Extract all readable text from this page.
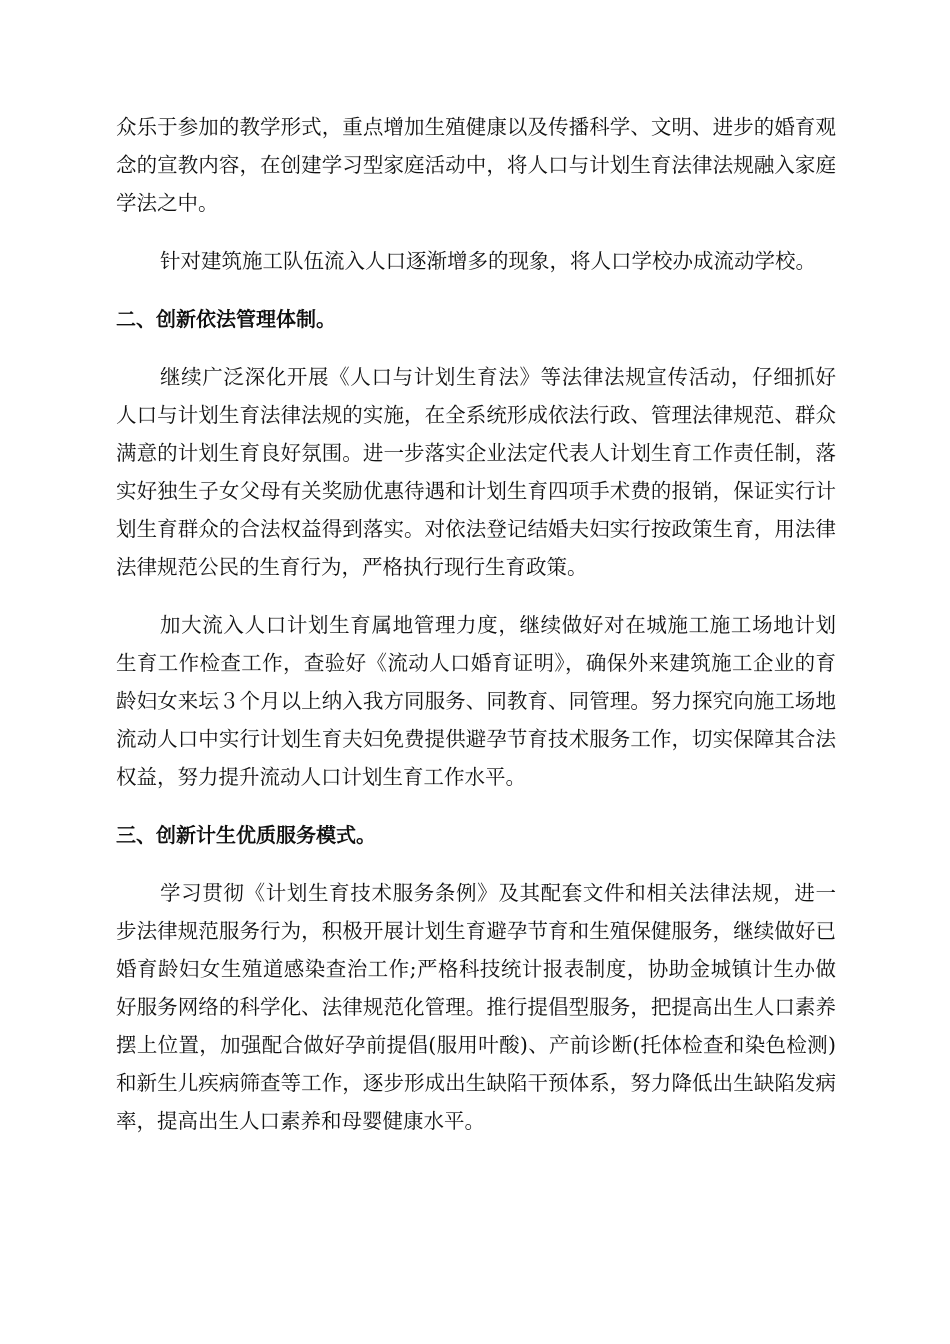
众乐于参加的教学形式，重点增加生殖健康以及传播科学、文明、进步的婚育观念的宣教内容，在创建学习型家庭活动中，将人口与计划生育法律法规融入家庭学法之中。

针对建筑施工队伍流入人口逐渐增多的现象，将人口学校办成流动学校。

二、创新依法管理体制。

继续广泛深化开展《人口与计划生育法》等法律法规宣传活动，仔细抓好人口与计划生育法律法规的实施，在全系统形成依法行政、管理法律规范、群众满意的计划生育良好氛围。进一步落实企业法定代表人计划生育工作责任制，落实好独生子女父母有关奖励优惠待遇和计划生育四项手术费的报销，保证实行计划生育群众的合法权益得到落实。对依法登记结婚夫妇实行按政策生育，用法律法律规范公民的生育行为，严格执行现行生育政策。

加大流入人口计划生育属地管理力度，继续做好对在城施工施工场地计划生育工作检查工作，查验好《流动人口婚育证明》，确保外来建筑施工企业的育龄妇女来坛３个月以上纳入我方同服务、同教育、同管理。努力探究向施工场地流动人口中实行计划生育夫妇免费提供避孕节育技术服务工作，切实保障其合法权益，努力提升流动人口计划生育工作水平。

三、创新计生优质服务模式。

学习贯彻《计划生育技术服务条例》及其配套文件和相关法律法规，进一步法律规范服务行为，积极开展计划生育避孕节育和生殖保健服务，继续做好已婚育龄妇女生殖道感染查治工作;严格科技统计报表制度，协助金城镇计生办做好服务网络的科学化、法律规范化管理。推行提倡型服务，把提高出生人口素养摆上位置，加强配合做好孕前提倡(服用叶酸)、产前诊断(托体检查和染色检测)和新生儿疾病筛查等工作，逐步形成出生缺陷干预体系，努力降低出生缺陷发病率，提高出生人口素养和母婴健康水平。
